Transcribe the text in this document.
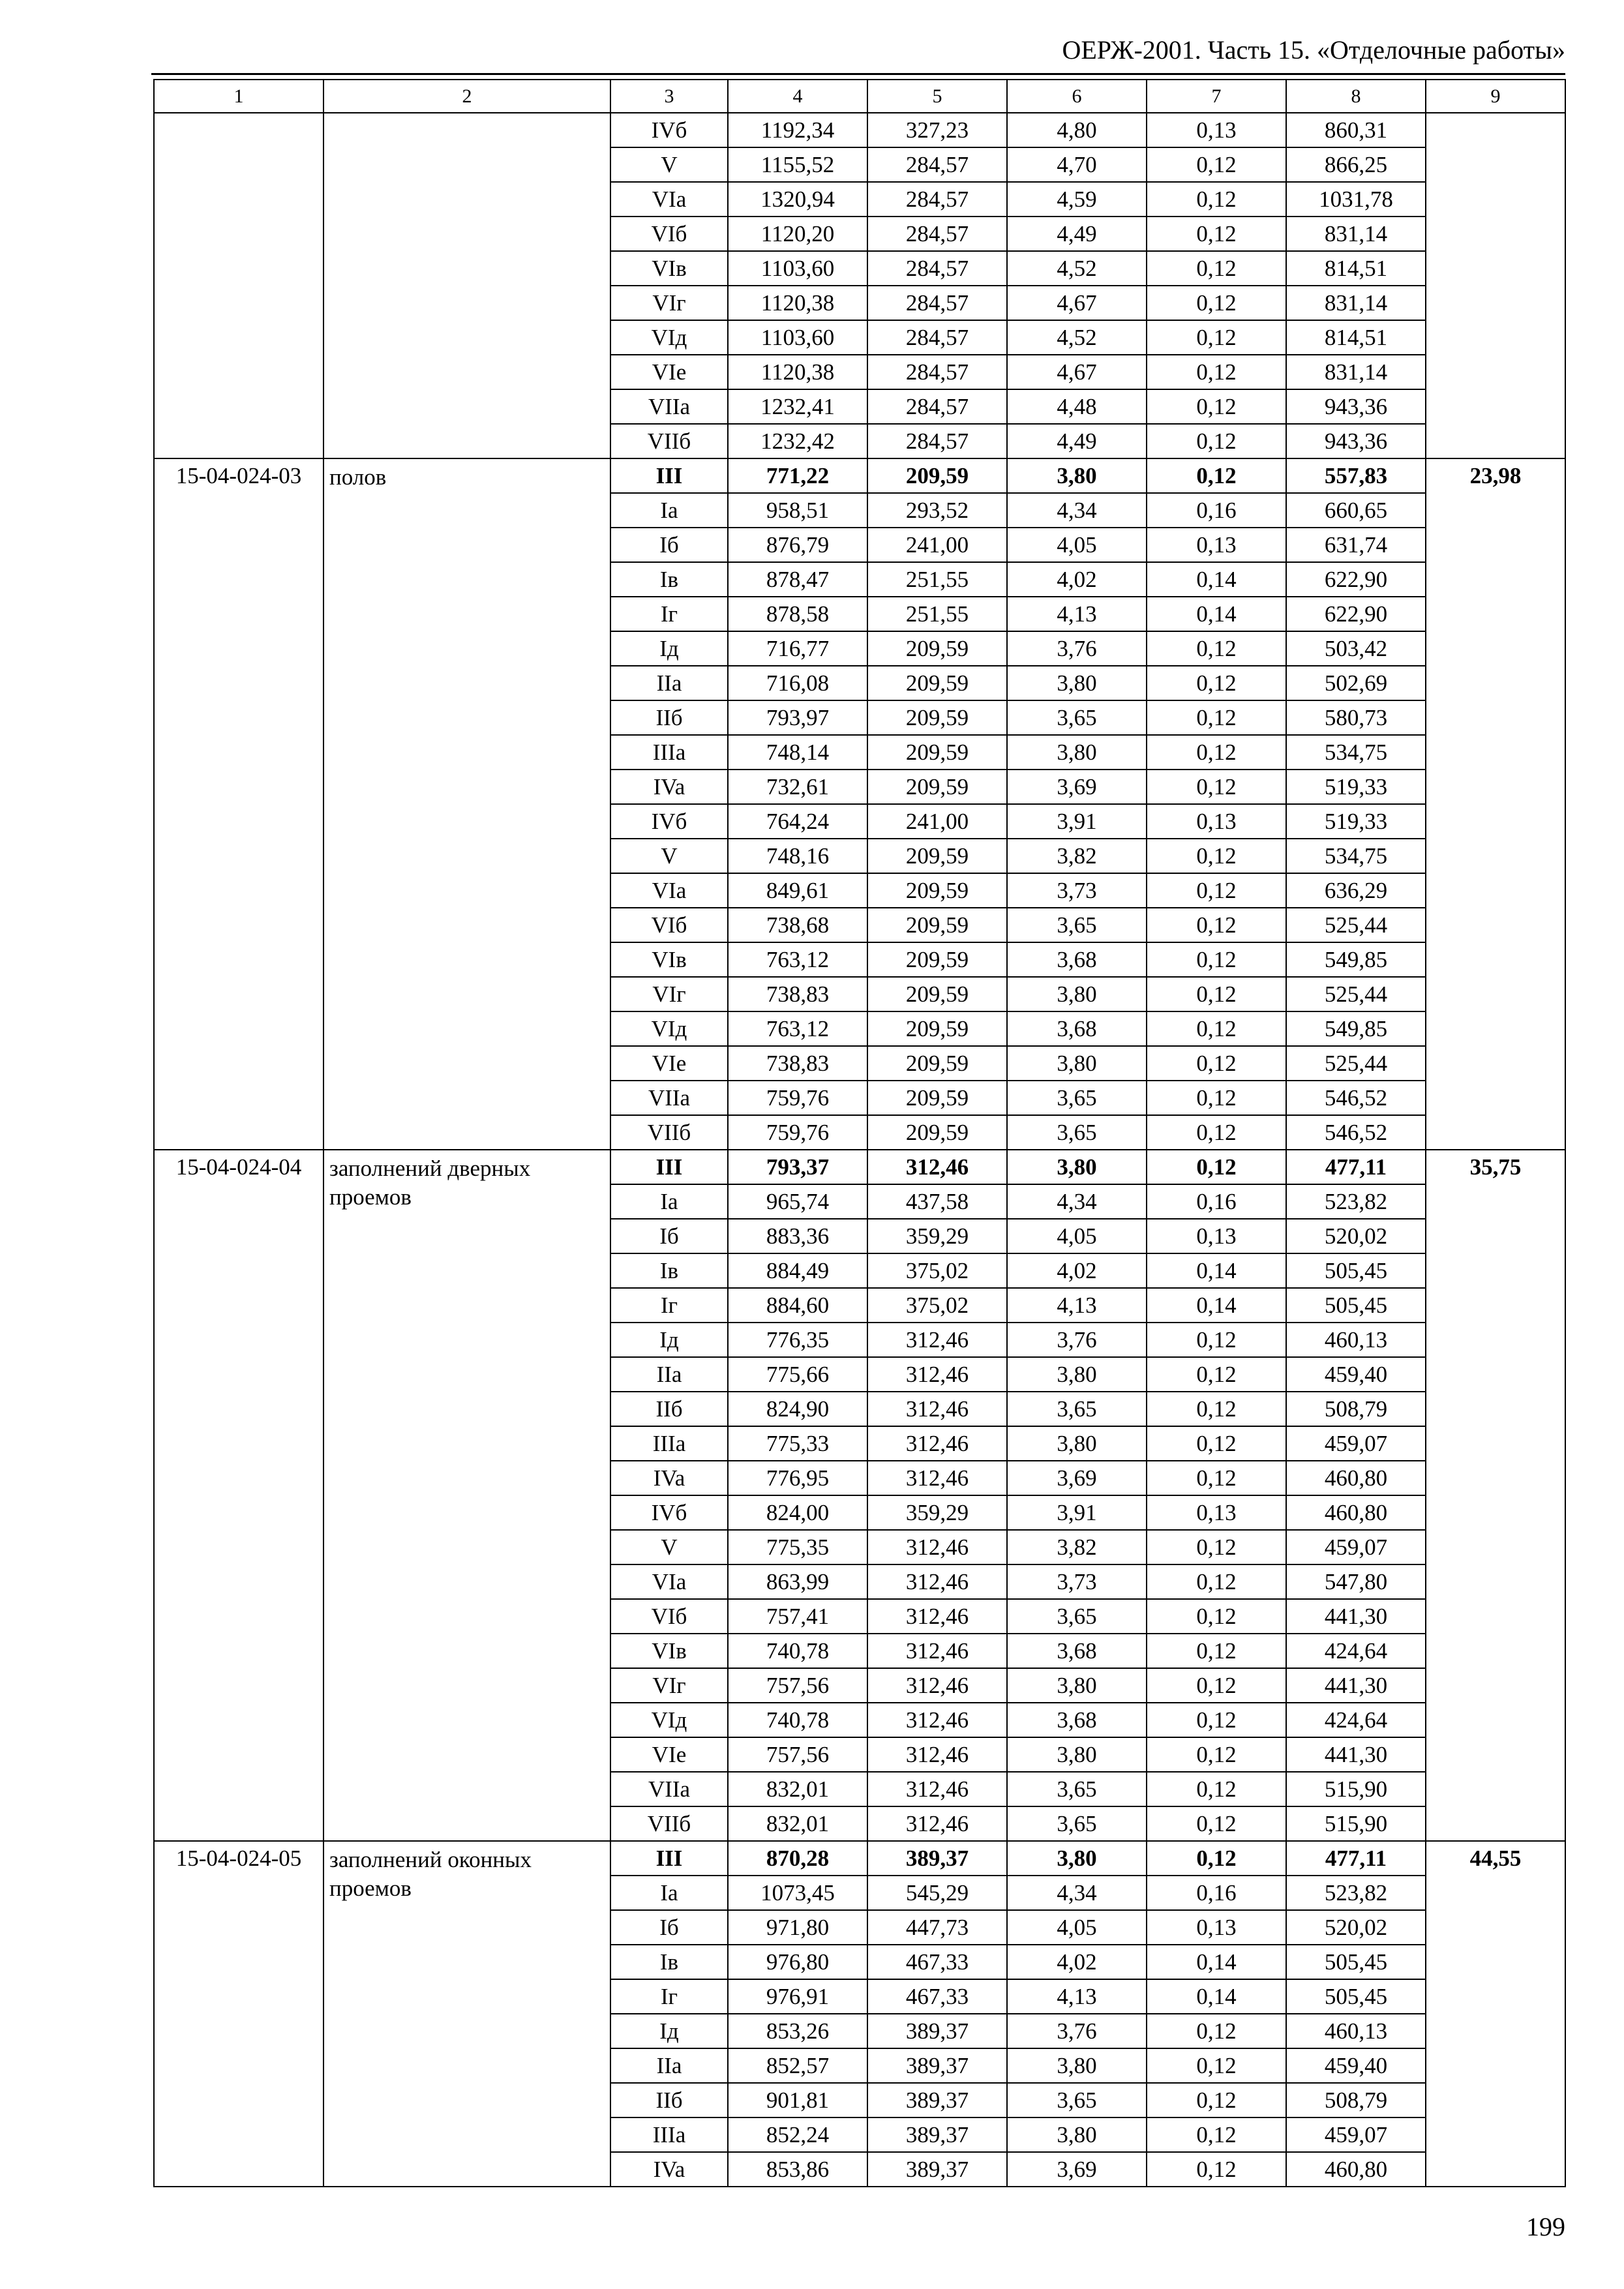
ОЕРЖ-2001. Часть 15. «Отделочные работы»
1	2	3	4	5	6	7	8	9
		IVб	1192,34	327,23	4,80	0,13	860,31	
		V	1155,52	284,57	4,70	0,12	866,25	
		VIa	1320,94	284,57	4,59	0,12	1031,78	
		VIб	1120,20	284,57	4,49	0,12	831,14	
		VIв	1103,60	284,57	4,52	0,12	814,51	
		VIг	1120,38	284,57	4,67	0,12	831,14	
		VIд	1103,60	284,57	4,52	0,12	814,51	
		VIe	1120,38	284,57	4,67	0,12	831,14	
		VIIa	1232,41	284,57	4,48	0,12	943,36	
		VIIб	1232,42	284,57	4,49	0,12	943,36	
15-04-024-03	полов	III	771,22	209,59	3,80	0,12	557,83	23,98
		Ia	958,51	293,52	4,34	0,16	660,65	
		Iб	876,79	241,00	4,05	0,13	631,74	
		Iв	878,47	251,55	4,02	0,14	622,90	
		Iг	878,58	251,55	4,13	0,14	622,90	
		Iд	716,77	209,59	3,76	0,12	503,42	
		IIa	716,08	209,59	3,80	0,12	502,69	
		IIб	793,97	209,59	3,65	0,12	580,73	
		IIIa	748,14	209,59	3,80	0,12	534,75	
		IVa	732,61	209,59	3,69	0,12	519,33	
		IVб	764,24	241,00	3,91	0,13	519,33	
		V	748,16	209,59	3,82	0,12	534,75	
		VIa	849,61	209,59	3,73	0,12	636,29	
		VIб	738,68	209,59	3,65	0,12	525,44	
		VIв	763,12	209,59	3,68	0,12	549,85	
		VIг	738,83	209,59	3,80	0,12	525,44	
		VIд	763,12	209,59	3,68	0,12	549,85	
		VIe	738,83	209,59	3,80	0,12	525,44	
		VIIa	759,76	209,59	3,65	0,12	546,52	
		VIIб	759,76	209,59	3,65	0,12	546,52	
15-04-024-04	заполнений дверных проемов	III	793,37	312,46	3,80	0,12	477,11	35,75
		Ia	965,74	437,58	4,34	0,16	523,82	
		Iб	883,36	359,29	4,05	0,13	520,02	
		Iв	884,49	375,02	4,02	0,14	505,45	
		Iг	884,60	375,02	4,13	0,14	505,45	
		Iд	776,35	312,46	3,76	0,12	460,13	
		IIa	775,66	312,46	3,80	0,12	459,40	
		IIб	824,90	312,46	3,65	0,12	508,79	
		IIIa	775,33	312,46	3,80	0,12	459,07	
		IVa	776,95	312,46	3,69	0,12	460,80	
		IVб	824,00	359,29	3,91	0,13	460,80	
		V	775,35	312,46	3,82	0,12	459,07	
		VIa	863,99	312,46	3,73	0,12	547,80	
		VIб	757,41	312,46	3,65	0,12	441,30	
		VIв	740,78	312,46	3,68	0,12	424,64	
		VIг	757,56	312,46	3,80	0,12	441,30	
		VIд	740,78	312,46	3,68	0,12	424,64	
		VIe	757,56	312,46	3,80	0,12	441,30	
		VIIa	832,01	312,46	3,65	0,12	515,90	
		VIIб	832,01	312,46	3,65	0,12	515,90	
15-04-024-05	заполнений оконных проемов	III	870,28	389,37	3,80	0,12	477,11	44,55
		Ia	1073,45	545,29	4,34	0,16	523,82	
		Iб	971,80	447,73	4,05	0,13	520,02	
		Iв	976,80	467,33	4,02	0,14	505,45	
		Iг	976,91	467,33	4,13	0,14	505,45	
		Iд	853,26	389,37	3,76	0,12	460,13	
		IIa	852,57	389,37	3,80	0,12	459,40	
		IIб	901,81	389,37	3,65	0,12	508,79	
		IIIa	852,24	389,37	3,80	0,12	459,07	
		IVa	853,86	389,37	3,69	0,12	460,80	
199
